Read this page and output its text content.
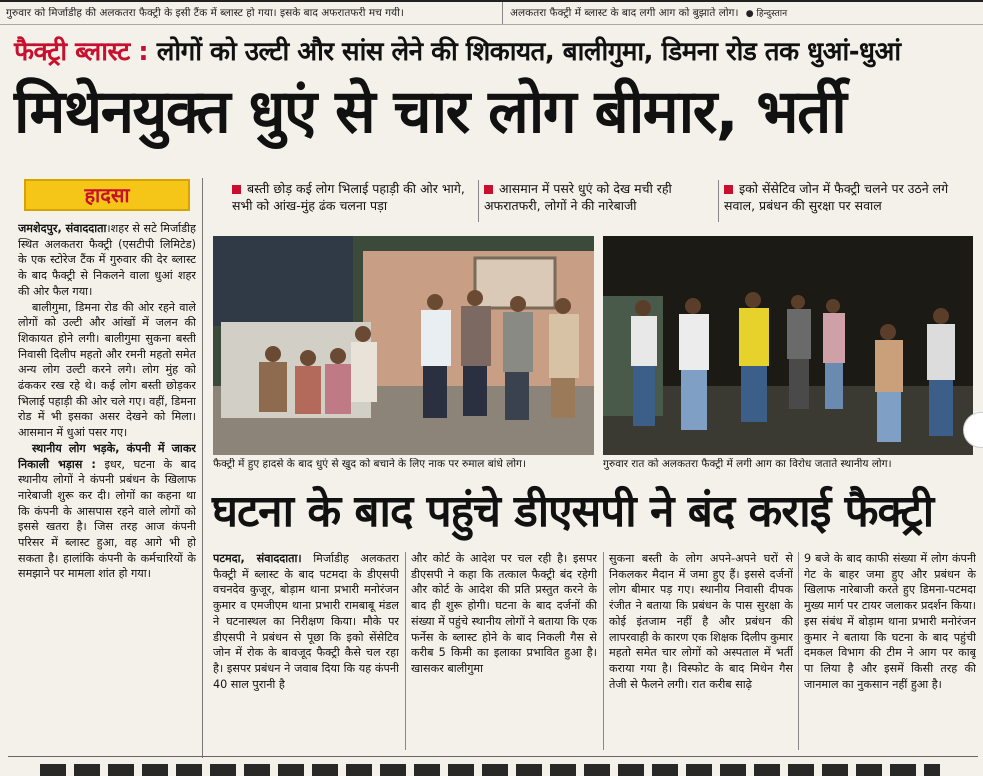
गुरुवार को मिर्जाडीह की अलकतरा फैक्ट्री के इसी टैंक में ब्लास्ट हो गया। इसके बाद अफरातफरी मच गयी।	अलकतरा फैक्ट्री में ब्लास्ट के बाद लगी आग को बुझाते लोग। ● हिन्दुस्तान
फैक्ट्री ब्लास्ट : लोगों को उल्टी और सांस लेने की शिकायत, बालीगुमा, डिमना रोड तक धुआं-धुआं
मिथेनयुक्त धुएं से चार लोग बीमार, भर्ती
हादसा	बस्ती छोड़ कई लोग भिलाई पहाड़ी की ओर भागे, सभी को आंख-मुंह ढंक चलना पड़ा
आसमान में पसरे धुएं को देख मची रही अफरातफरी, लोगों ने की नारेबाजी
इको सेंसेटिव जोन में फैक्ट्री चलने पर उठने लगे सवाल, प्रबंधन की सुरक्षा पर सवाल
फैक्ट्री में हुए हादसे के बाद धुएं से खुद को बचाने के लिए नाक पर रुमाल बांधे लोग।	गुरुवार रात को अलकतरा फैक्ट्री में लगी आग का विरोध जताते स्थानीय लोग।

जमशेदपुर, संवाददाता।शहर से सटे मिर्जाडीह स्थित अलकतरा फैक्ट्री (एसटीपी लिमिटेड) के एक स्टोरेज टैंक में गुरुवार की देर ब्लास्ट के बाद फैक्ट्री से निकलने वाला धुआं शहर की ओर फैल गया।

बालीगुमा, डिमना रोड की ओर रहने वाले लोगों को उल्टी और आंखों में जलन की शिकायत होने लगी। बालीगुमा सुकना बस्ती निवासी दिलीप महतो और रमनी महतो समेत अन्य लोग उल्टी करने लगे। लोग मुंह को ढंककर रख रहे थे। कई लोग बस्ती छोड़कर भिलाई पहाड़ी की ओर चले गए। वहीं, डिमना रोड में भी इसका असर देखने को मिला। आसमान में धुआं पसर गए।

स्थानीय लोग भड़के, कंपनी में जाकर निकाली भड़ास : इधर, घटना के बाद स्थानीय लोगों ने कंपनी प्रबंधन के खिलाफ नारेबाजी शुरू कर दी। लोगों का कहना था कि कंपनी के आसपास रहने वाले लोगों को इससे खतरा है। जिस तरह आज कंपनी परिसर में ब्लास्ट हुआ, वह आगे भी हो सकता है। हालांकि कंपनी के कर्मचारियों के समझाने पर मामला शांत हो गया।

घटना के बाद पहुंचे डीएसपी ने बंद कराई फैक्ट्री
पटमदा, संवाददाता। मिर्जाडीह अलकतरा फैक्ट्री में ब्लास्ट के बाद पटमदा के डीएसपी वचनदेव कुजूर, बोड़ाम थाना प्रभारी मनोरंजन कुमार व एमजीएम थाना प्रभारी रामबाबू मंडल ने घटनास्थल का निरीक्षण किया। मौके पर डीएसपी ने प्रबंधन से पूछा कि इको सेंसेटिव जोन में रोक के बावजूद फैक्ट्री कैसे चल रहा है। इसपर प्रबंधन ने जवाब दिया कि यह कंपनी 40 साल पुरानी है
और कोर्ट के आदेश पर चल रही है। इसपर डीएसपी ने कहा कि तत्काल फैक्ट्री बंद रहेगी और कोर्ट के आदेश की प्रति प्रस्तुत करने के बाद ही शुरू होगी। घटना के बाद दर्जनों की संख्या में पहुंचे स्थानीय लोगों ने बताया कि एक फर्नेस के ब्लास्ट होने के बाद निकली गैस से करीब 5 किमी का इलाका प्रभावित हुआ है। खासकर बालीगुमा
सुकना बस्ती के लोग अपने-अपने घरों से निकलकर मैदान में जमा हुए हैं। इससे दर्जनों लोग बीमार पड़ गए। स्थानीय निवासी दीपक रंजीत ने बताया कि प्रबंधन के पास सुरक्षा के कोई इंतजाम नहीं है और प्रबंधन की लापरवाही के कारण एक शिक्षक दिलीप कुमार महतो समेत चार लोगों को अस्पताल में भर्ती कराया गया है। विस्फोट के बाद मिथेन गैस तेजी से फैलने लगी। रात करीब साढ़े
9 बजे के बाद काफी संख्या में लोग कंपनी गेट के बाहर जमा हुए और प्रबंधन के खिलाफ नारेबाजी करते हुए डिमना-पटमदा मुख्य मार्ग पर टायर जलाकर प्रदर्शन किया। इस संबंध में बोड़ाम थाना प्रभारी मनोरंजन कुमार ने बताया कि घटना के बाद पहुंची दमकल विभाग की टीम ने आग पर काबू पा लिया है और इसमें किसी तरह की जानमाल का नुकसान नहीं हुआ है।
